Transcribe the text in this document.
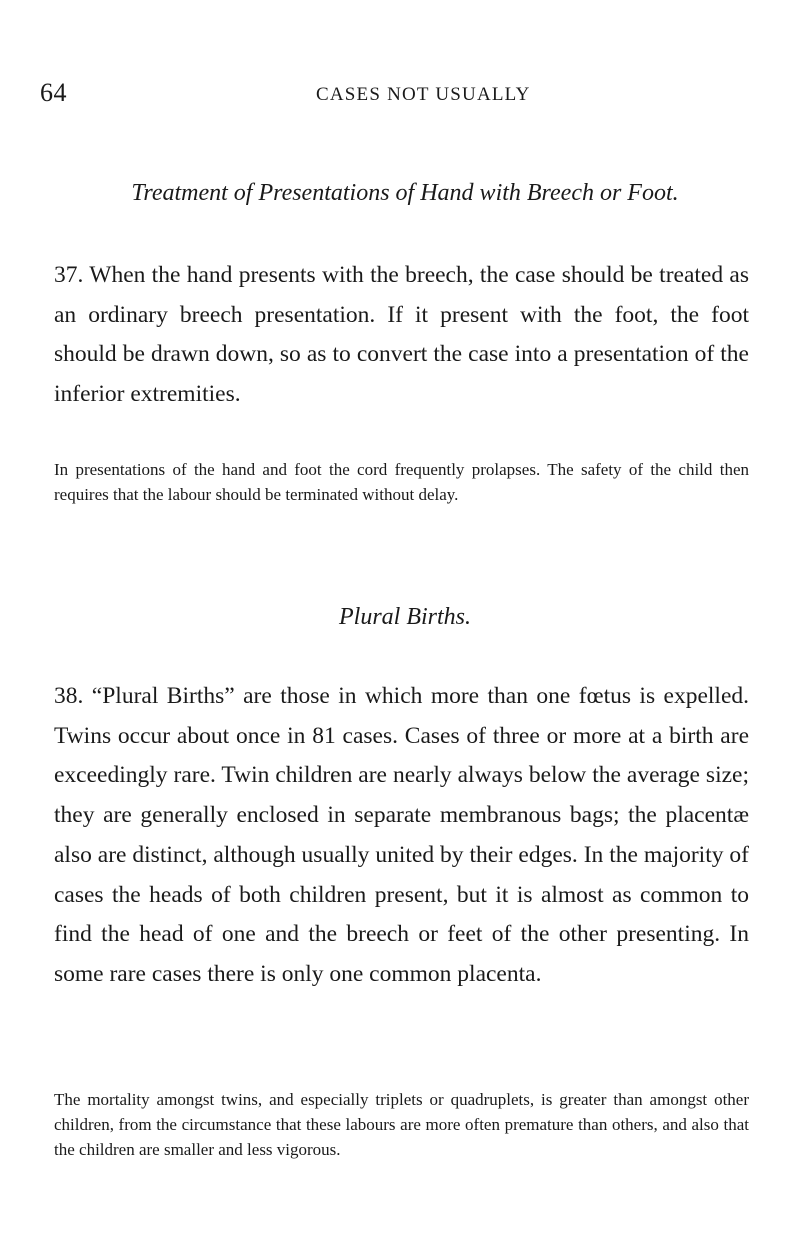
64	CASES NOT USUALLY
Treatment of Presentations of Hand with Breech or Foot.
37. When the hand presents with the breech, the case should be treated as an ordinary breech presentation. If it present with the foot, the foot should be drawn down, so as to convert the case into a presentation of the inferior extremities.
In presentations of the hand and foot the cord frequently prolapses. The safety of the child then requires that the labour should be terminated without delay.
Plural Births.
38. “Plural Births” are those in which more than one fœtus is expelled. Twins occur about once in 81 cases. Cases of three or more at a birth are exceedingly rare. Twin children are nearly always below the average size; they are generally enclosed in separate membranous bags; the placentæ also are distinct, although usually united by their edges. In the majority of cases the heads of both children present, but it is almost as common to find the head of one and the breech or feet of the other presenting. In some rare cases there is only one common placenta.
The mortality amongst twins, and especially triplets or quadruplets, is greater than amongst other children, from the circumstance that these labours are more often premature than others, and also that the children are smaller and less vigorous.
